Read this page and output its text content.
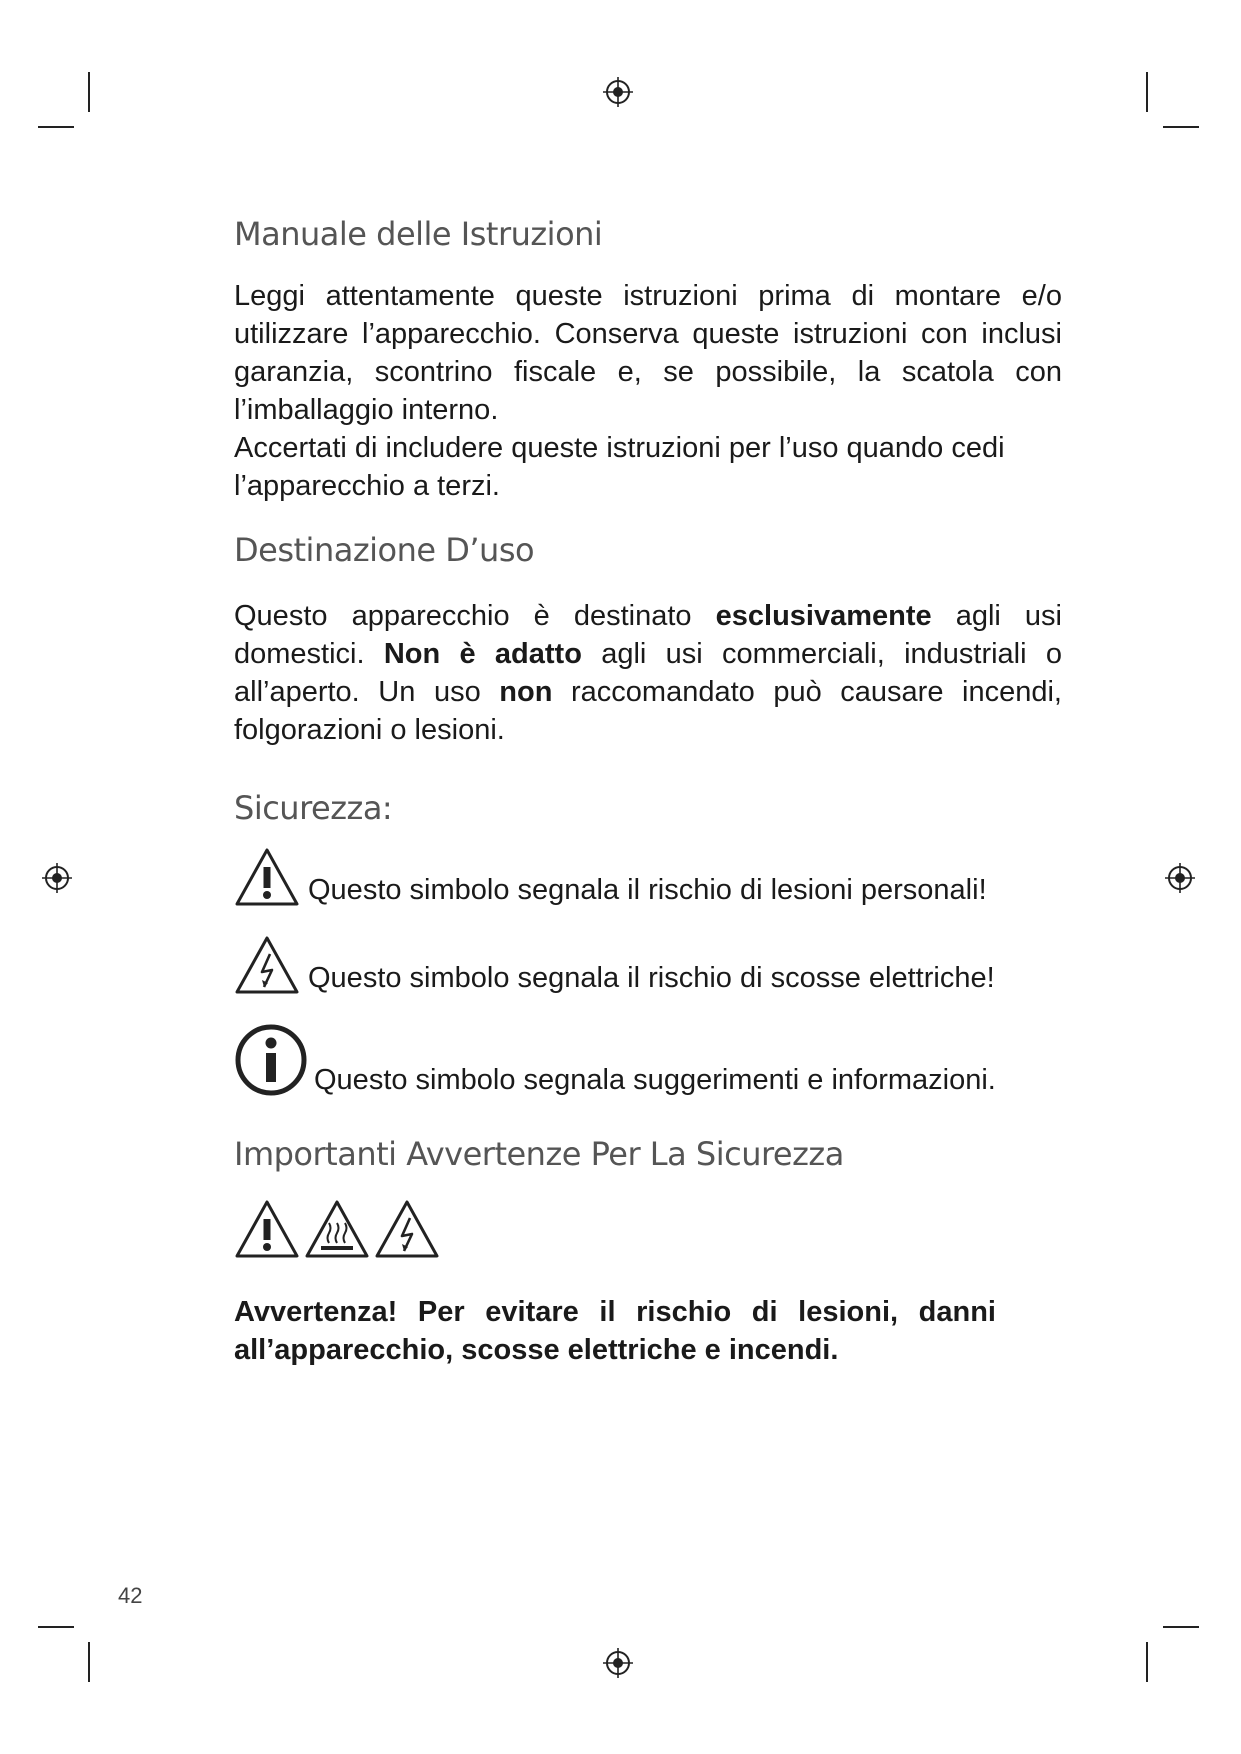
Manuale delle Istruzioni

Leggi attentamente queste istruzioni prima di montare e/o utilizzare l’apparecchio. Conserva queste istruzioni con inclusi garanzia, scontrino fiscale e, se possibile, la scatola con l’imballaggio interno.

Accertati di includere queste istruzioni per l’uso quando cedi l’apparecchio a terzi.

Destinazione D’uso

Questo apparecchio è destinato esclusivamente agli usi domestici. Non è adatto agli usi commerciali, industriali o all’aperto. Un uso non raccomandato può causare incendi, folgorazioni o lesioni.

Sicurezza:
Questo simbolo segnala il rischio di lesioni personali!
Questo simbolo segnala il rischio di scosse elettriche!
Questo simbolo segnala suggerimenti e informazioni.
Importanti Avvertenze Per La Sicurezza

Avvertenza! Per evitare il rischio di lesioni, danni all’apparecchio, scosse elettriche e incendi.

42
